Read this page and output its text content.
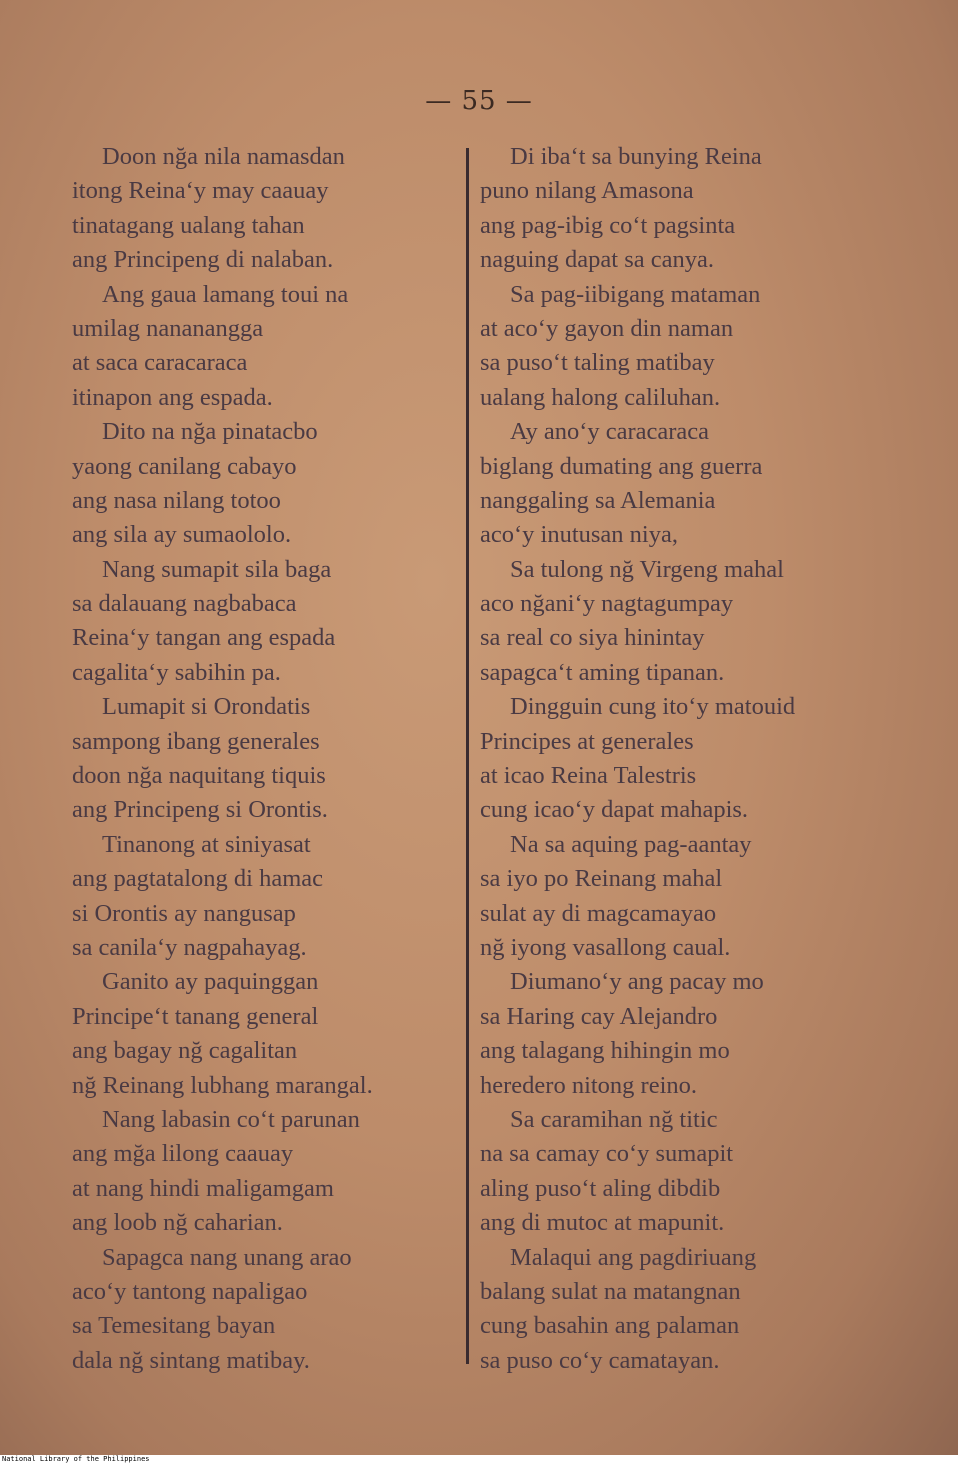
— 55 —
Doon nğa nila namasdan
itong Reina‘y may caauay
tinatagang ualang tahan
ang Principeng di nalaban.
Ang gaua lamang toui na
umilag nananangga
at saca caracaraca
itinapon ang espada.
Dito na nğa pinatacbo
yaong canilang cabayo
ang nasa nilang totoo
ang sila ay sumaololo.
Nang sumapit sila baga
sa dalauang nagbabaca
Reina‘y tangan ang espada
cagalita‘y sabihin pa.
Lumapit si Orondatis
sampong ibang generales
doon nğa naquitang tiquis
ang Principeng si Orontis.
Tinanong at siniyasat
ang pagtatalong di hamac
si Orontis ay nangusap
sa canila‘y nagpahayag.
Ganito ay paquinggan
Principe‘t tanang general
ang bagay nğ cagalitan
nğ Reinang lubhang marangal.
Nang labasin co‘t parunan
ang mğa lilong caauay
at nang hindi maligamgam
ang loob nğ caharian.
Sapagca nang unang arao
aco‘y tantong napaligao
sa Temesitang bayan
dala nğ sintang matibay.
Di iba‘t sa bunying Reina
puno nilang Amasona
ang pag-ibig co‘t pagsinta
naguing dapat sa canya.
Sa pag-iibigang mataman
at aco‘y gayon din naman
sa puso‘t taling matibay
ualang halong caliluhan.
Ay ano‘y caracaraca
biglang dumating ang guerra
nanggaling sa Alemania
aco‘y inutusan niya,
Sa tulong nğ Virgeng mahal
aco nğani‘y nagtagumpay
sa real co siya hinintay
sapagca‘t aming tipanan.
Dingguin cung ito‘y matouid
Principes at generales
at icao Reina Talestris
cung icao‘y dapat mahapis.
Na sa aquing pag-aantay
sa iyo po Reinang mahal
sulat ay di magcamayao
nğ iyong vasallong caual.
Diumano‘y ang pacay mo
sa Haring cay Alejandro
ang talagang hihingin mo
heredero nitong reino.
Sa caramihan nğ titic
na sa camay co‘y sumapit
aling puso‘t aling dibdib
ang di mutoc at mapunit.
Malaqui ang pagdiriuang
balang sulat na matangnan
cung basahin ang palaman
sa puso co‘y camatayan.
National Library of the Philippines
